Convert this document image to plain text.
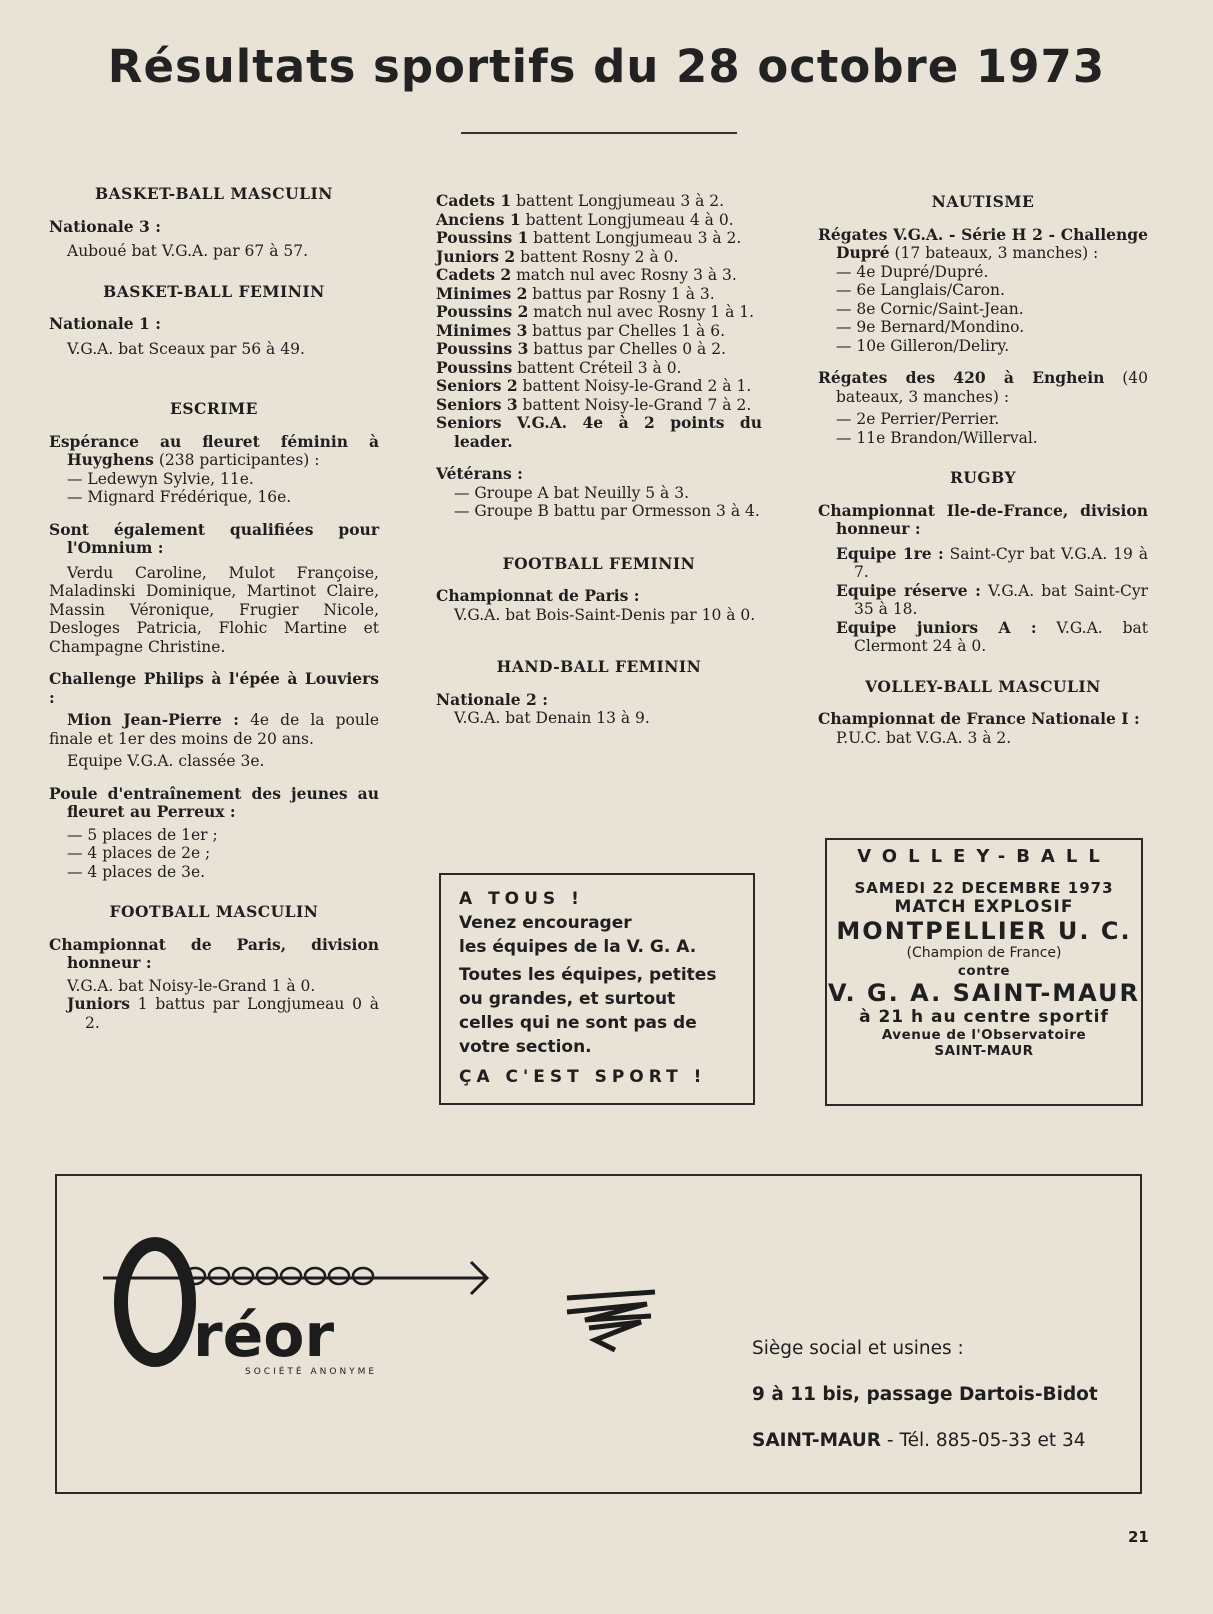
Résultats sportifs du 28 octobre 1973
BASKET-BALL MASCULIN

Nationale 3 :

Auboué bat V.G.A. par 67 à 57.

BASKET-BALL FEMININ

Nationale 1 :

V.G.A. bat Sceaux par 56 à 49.

ESCRIME

Espérance au fleuret féminin à Huyghens (238 participantes) :

— Ledewyn Sylvie, 11e.

— Mignard Frédérique, 16e.

Sont également qualifiées pour l'Omnium :

Verdu Caroline, Mulot Françoise, Maladinski Dominique, Martinot Claire, Massin Véronique, Frugier Nicole, Desloges Patricia, Flohic Martine et Champagne Christine.

Challenge Philips à l'épée à Louviers :

Mion Jean-Pierre : 4e de la poule finale et 1er des moins de 20 ans.

Equipe V.G.A. classée 3e.

Poule d'entraînement des jeunes au fleuret au Perreux :

— 5 places de 1er ;

— 4 places de 2e ;

— 4 places de 3e.

FOOTBALL MASCULIN

Championnat de Paris, division honneur :

V.G.A. bat Noisy-le-Grand 1 à 0.

Juniors 1 battus par Longjumeau 0 à 2.

Cadets 1 battent Longjumeau 3 à 2.

Anciens 1 battent Longjumeau 4 à 0.

Poussins 1 battent Longjumeau 3 à 2.

Juniors 2 battent Rosny 2 à 0.

Cadets 2 match nul avec Rosny 3 à 3.

Minimes 2 battus par Rosny 1 à 3.

Poussins 2 match nul avec Rosny 1 à 1.

Minimes 3 battus par Chelles 1 à 6.

Poussins 3 battus par Chelles 0 à 2.

Poussins battent Créteil 3 à 0.

Seniors 2 battent Noisy-le-Grand 2 à 1.

Seniors 3 battent Noisy-le-Grand 7 à 2.

Seniors V.G.A. 4e à 2 points du leader.

Vétérans :

— Groupe A bat Neuilly 5 à 3.

— Groupe B battu par Ormesson 3 à 4.

FOOTBALL FEMININ

Championnat de Paris :

V.G.A. bat Bois-Saint-Denis par 10 à 0.

HAND-BALL FEMININ

Nationale 2 :

V.G.A. bat Denain 13 à 9.

A TOUS !
Venez encourager
les équipes de la V. G. A.
Toutes les équipes, petites
ou grandes, et surtout
celles qui ne sont pas de
votre section.
ÇA C'EST SPORT !
NAUTISME

Régates V.G.A. - Série H 2 - Challenge Dupré (17 bateaux, 3 manches) :

— 4e Dupré/Dupré.

— 6e Langlais/Caron.

— 8e Cornic/Saint-Jean.

— 9e Bernard/Mondino.

— 10e Gilleron/Deliry.

Régates des 420 à Enghein (40 bateaux, 3 manches) :

— 2e Perrier/Perrier.

— 11e Brandon/Willerval.

RUGBY

Championnat Ile-de-France, division honneur :

Equipe 1re : Saint-Cyr bat V.G.A. 19 à 7.

Equipe réserve : V.G.A. bat Saint-Cyr 35 à 18.

Equipe juniors A : V.G.A. bat Clermont 24 à 0.

VOLLEY-BALL MASCULIN

Championnat de France Nationale I :

P.U.C. bat V.G.A. 3 à 2.

VOLLEY-BALL
SAMEDI 22 DECEMBRE 1973
MATCH EXPLOSIF
MONTPELLIER U. C.
(Champion de France)
contre
V. G. A. SAINT-MAUR
à 21 h au centre sportif
Avenue de l'Observatoire
SAINT-MAUR
réor
SOCIÉTÉ ANONYME
Siège social et usines :
9 à 11 bis, passage Dartois-Bidot
SAINT-MAUR - Tél. 885-05-33 et 34
21
